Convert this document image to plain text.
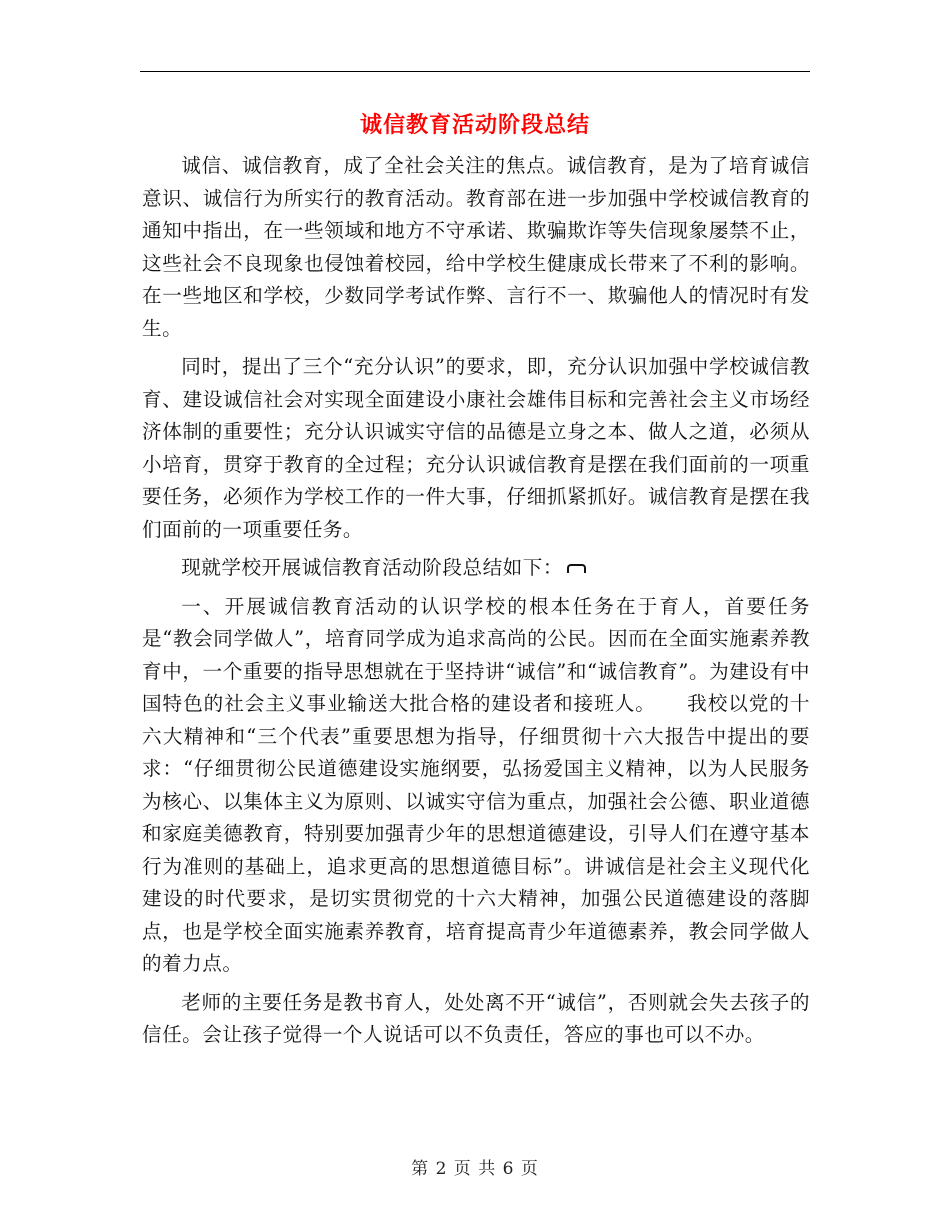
诚信教育活动阶段总结

诚信、诚信教育，成了全社会关注的焦点。诚信教育，是为了培育诚信意识、诚信行为所实行的教育活动。教育部在进一步加强中学校诚信教育的通知中指出，在一些领域和地方不守承诺、欺骗欺诈等失信现象屡禁不止，这些社会不良现象也侵蚀着校园，给中学校生健康成长带来了不利的影响。在一些地区和学校，少数同学考试作弊、言行不一、欺骗他人的情况时有发生。

同时，提出了三个“充分认识”的要求，即，充分认识加强中学校诚信教育、建设诚信社会对实现全面建设小康社会雄伟目标和完善社会主义市场经济体制的重要性；充分认识诚实守信的品德是立身之本、做人之道，必须从小培育，贯穿于教育的全过程；充分认识诚信教育是摆在我们面前的一项重要任务，必须作为学校工作的一件大事，仔细抓紧抓好。诚信教育是摆在我们面前的一项重要任务。

现就学校开展诚信教育活动阶段总结如下：

一、开展诚信教育活动的认识学校的根本任务在于育人，首要任务是“教会同学做人”，培育同学成为追求高尚的公民。因而在全面实施素养教育中，一个重要的指导思想就在于坚持讲“诚信”和“诚信教育”。为建设有中国特色的社会主义事业输送大批合格的建设者和接班人。　　我校以党的十六大精神和“三个代表”重要思想为指导，仔细贯彻十六大报告中提出的要求：“仔细贯彻公民道德建设实施纲要，弘扬爱国主义精神，以为人民服务为核心、以集体主义为原则、以诚实守信为重点，加强社会公德、职业道德和家庭美德教育，特别要加强青少年的思想道德建设，引导人们在遵守基本行为准则的基础上，追求更高的思想道德目标”。讲诚信是社会主义现代化建设的时代要求，是切实贯彻党的十六大精神，加强公民道德建设的落脚点，也是学校全面实施素养教育，培育提高青少年道德素养，教会同学做人的着力点。

老师的主要任务是教书育人，处处离不开“诚信”，否则就会失去孩子的信任。会让孩子觉得一个人说话可以不负责任，答应的事也可以不办。

第 2 页 共 6 页
